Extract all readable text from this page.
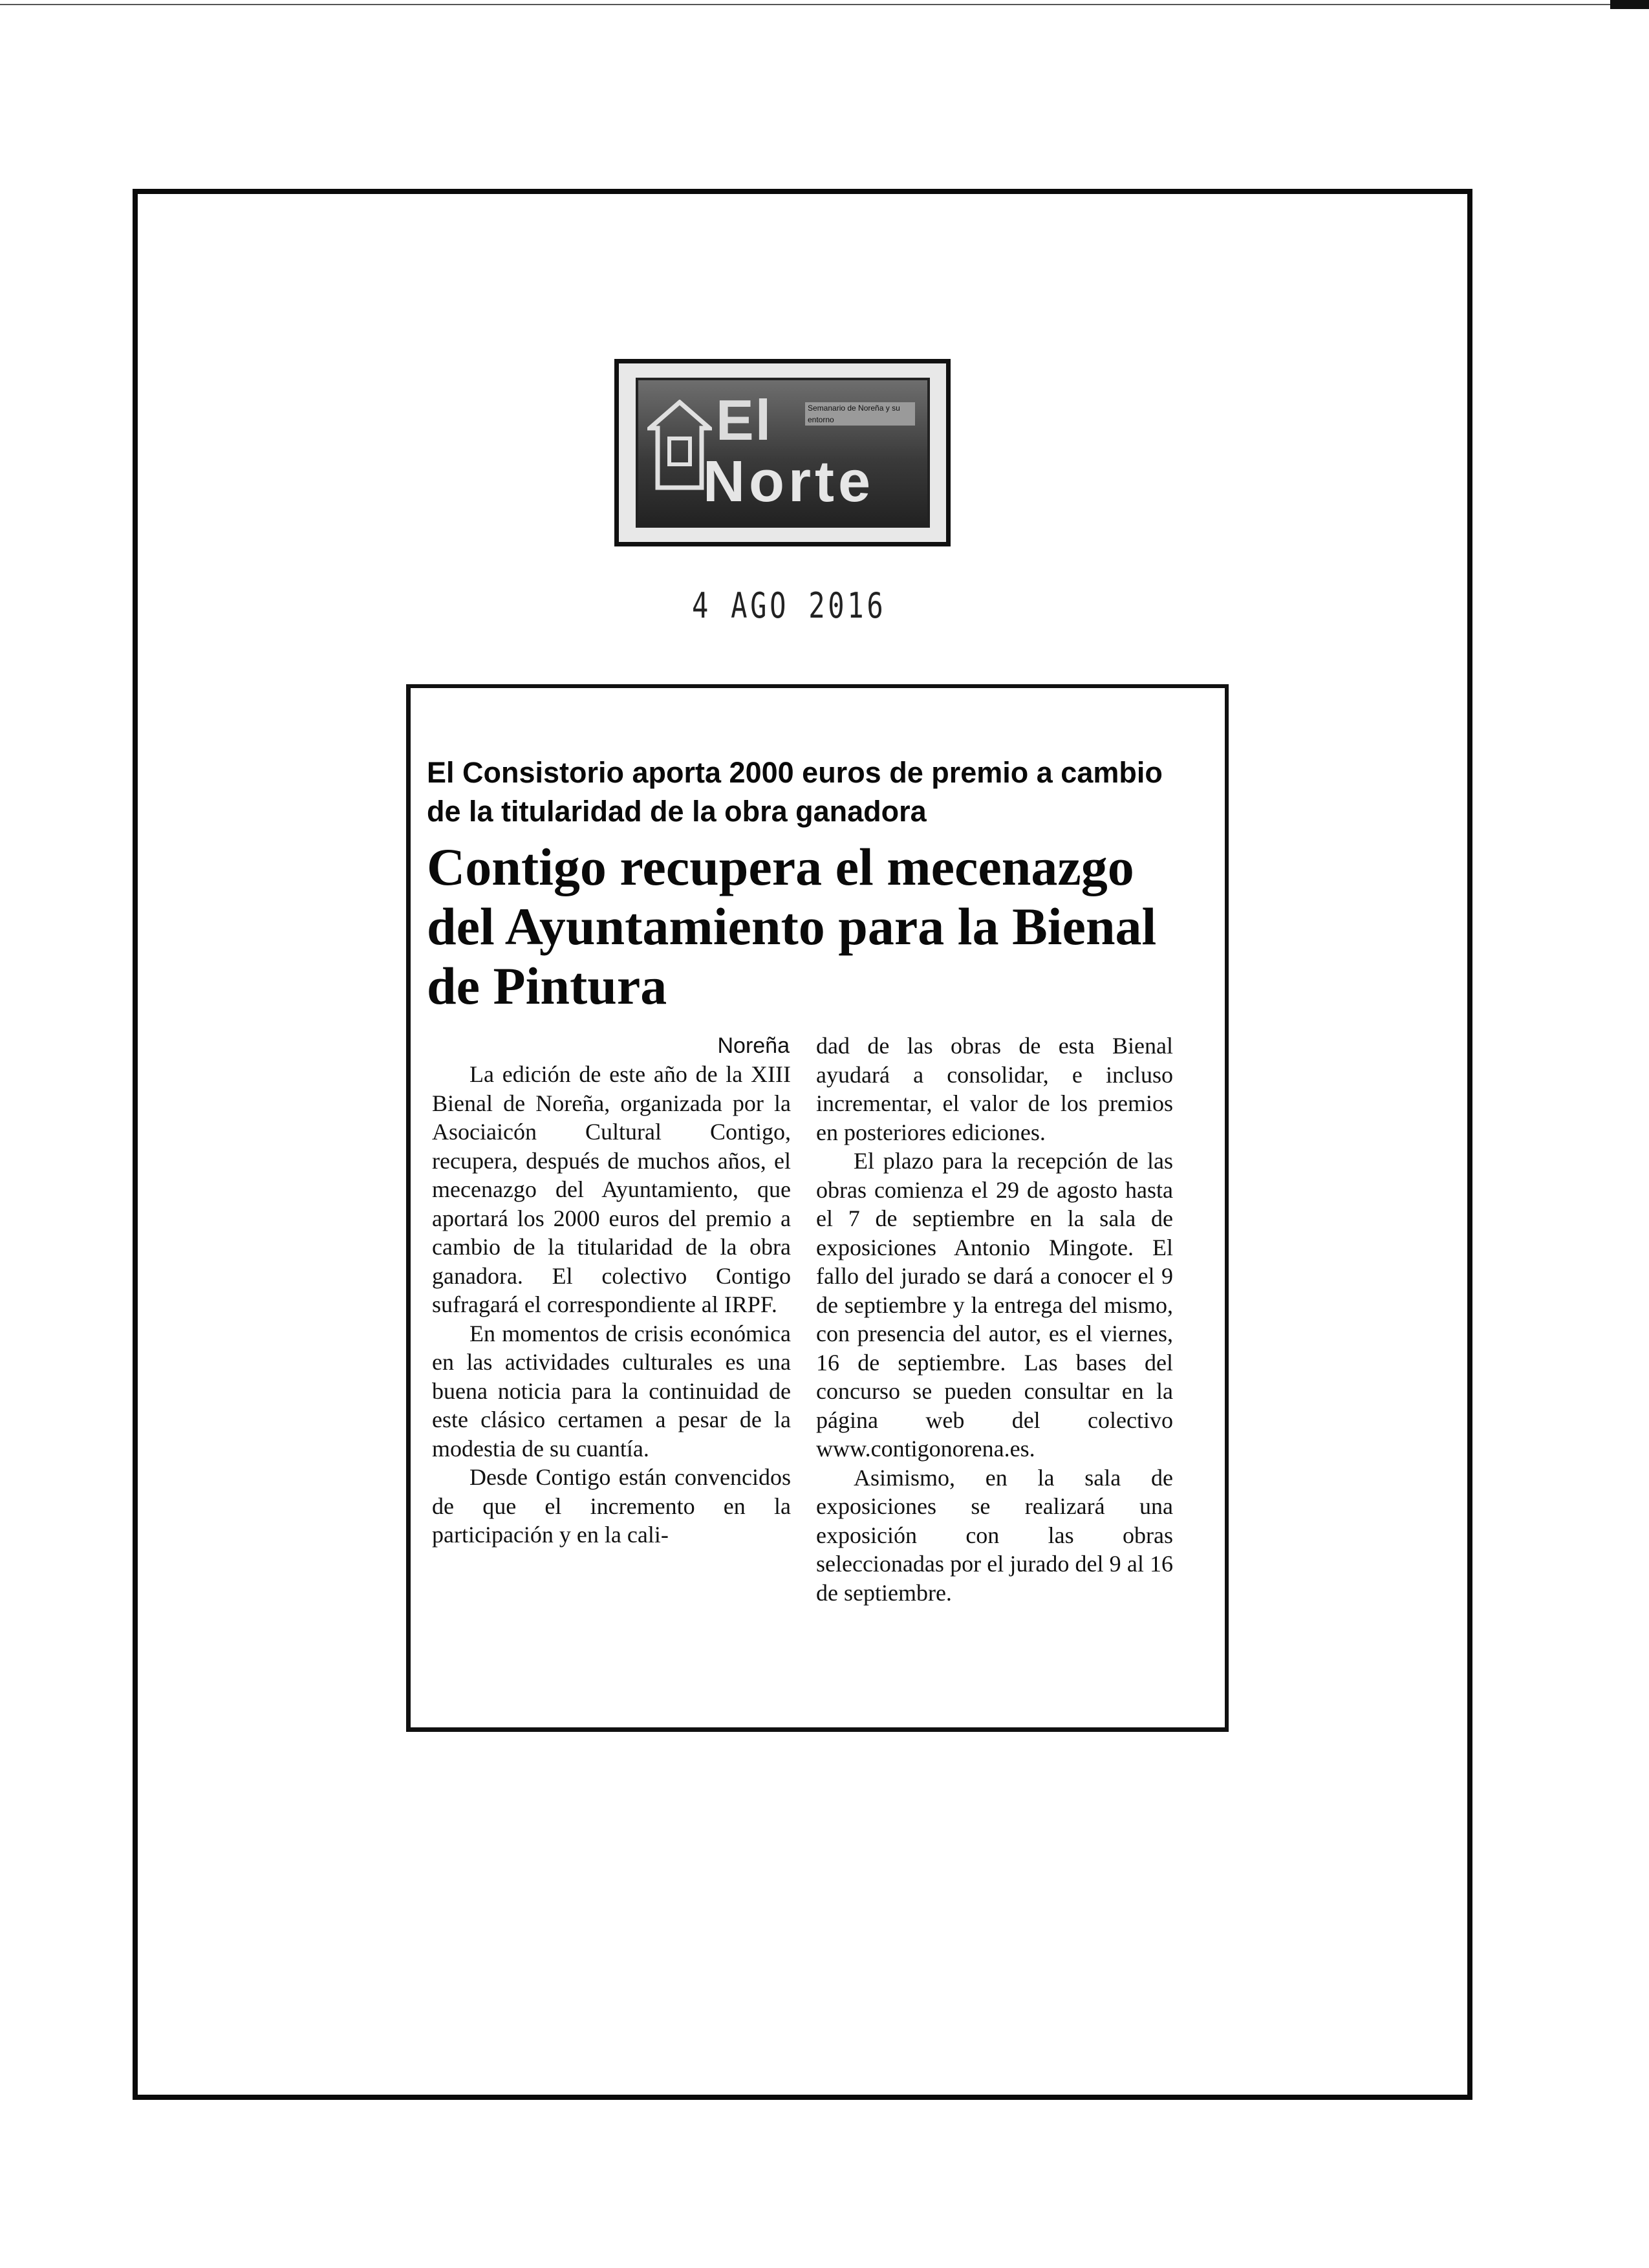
El	Semanario de Noreña y su entorno
Norte
4 AGO 2016
El Consistorio aporta 2000 euros de premio a cambio de la titularidad de la obra ganadora
Contigo recupera el mecenazgo del Ayuntamiento para la Bienal de Pintura
Noreña

La edición de este año de la XIII Bienal de Noreña, organizada por la Asociaicón Cultural Contigo, recupera, después de muchos años, el mecenazgo del Ayuntamiento, que aportará los 2000 euros del premio a cambio de la titularidad de la obra ganadora. El colectivo Contigo sufragará el correspondiente al IRPF.

En momentos de crisis económica en las actividades culturales es una buena noticia para la continuidad de este clásico certamen a pesar de la modestia de su cuantía.

Desde Contigo están convencidos de que el incremento en la participación y en la cali-

dad de las obras de esta Bienal ayudará a consolidar, e incluso incrementar, el valor de los premios en posteriores ediciones.

El plazo para la recepción de las obras comienza el 29 de agosto hasta el 7 de septiembre en la sala de exposiciones Antonio Mingote. El fallo del jurado se dará a conocer el 9 de septiembre y la entrega del mismo, con presencia del autor, es el viernes, 16 de septiembre. Las bases del concurso se pueden consultar en la página web del colectivo www.contigonorena.es.

Asimismo, en la sala de exposiciones se realizará una exposición con las obras seleccionadas por el jurado del 9 al 16 de septiembre.
